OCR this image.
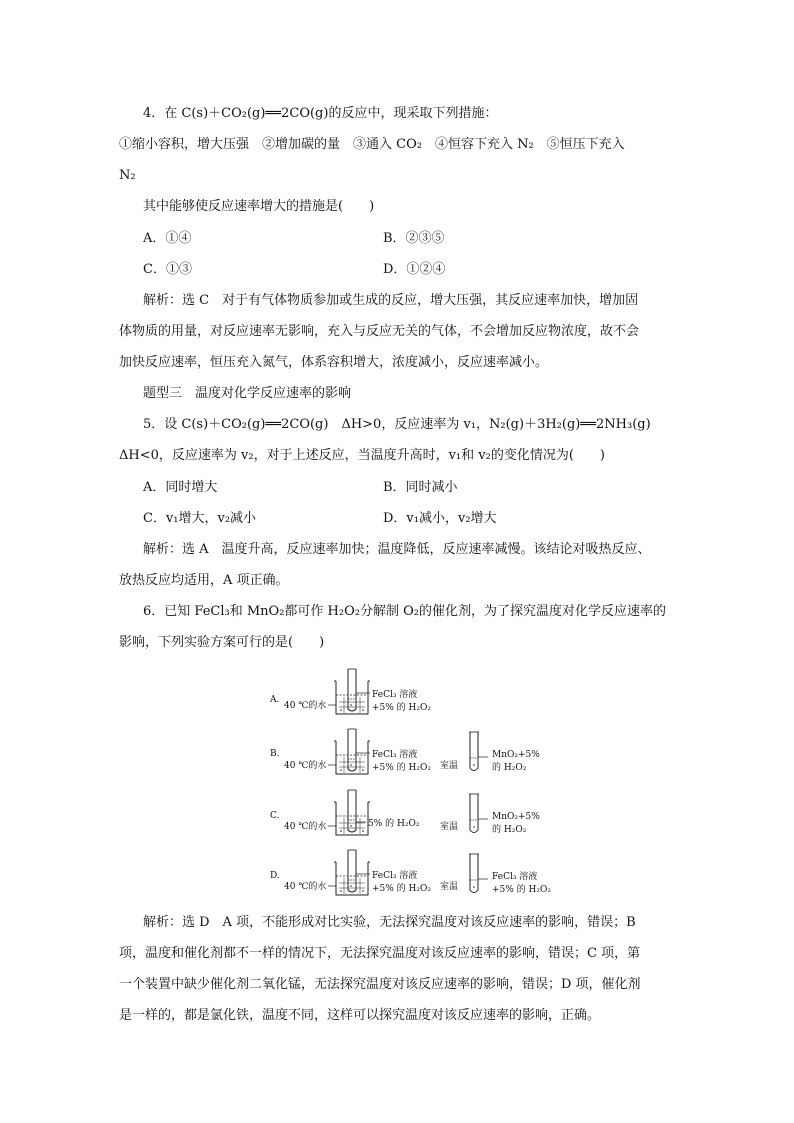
4．在 C(s)＋CO₂(g)══2CO(g)的反应中，现采取下列措施：
①缩小容积，增大压强　②增加碳的量　③通入 CO₂　④恒容下充入 N₂　⑤恒压下充入
N₂
其中能够使反应速率增大的措施是(　　)
A．①④	B．②③⑤
C．①③	D．①②④
解析：选 C　对于有气体物质参加或生成的反应，增大压强，其反应速率加快，增加固
体物质的用量，对反应速率无影响，充入与反应无关的气体，不会增加反应物浓度，故不会
加快反应速率，恒压充入氮气，体系容积增大，浓度减小，反应速率减小。
题型三　温度对化学反应速率的影响
5．设 C(s)＋CO₂(g)══2CO(g)　ΔH>0，反应速率为 v₁，N₂(g)＋3H₂(g)══2NH₃(g)
ΔH<0，反应速率为 v₂，对于上述反应，当温度升高时，v₁和 v₂的变化情况为(　　)
A．同时增大	B．同时减小
C．v₁增大，v₂减小	D．v₁减小，v₂增大
解析：选 A　温度升高，反应速率加快；温度降低，反应速率减慢。该结论对吸热反应、
放热反应均适用，A 项正确。
6．已知 FeCl₃和 MnO₂都可作 H₂O₂分解制 O₂的催化剂，为了探究温度对化学反应速率的
影响，下列实验方案可行的是(　　)
A.
40 ℃的水
FeCl₃ 溶液
+5% 的 H₂O₂
B.
40 ℃的水
FeCl₃ 溶液
+5% 的 H₂O₂ 室温
MnO₂+5%
的 H₂O₂
C.
40 ℃的水	5% 的 H₂O₂ 室温
MnO₂+5%
的 H₂O₂
D.
40 ℃的水
FeCl₃ 溶液
+5% 的 H₂O₂ 室温
FeCl₃ 溶液
+5% 的 H₂O₂
解析：选 D　A 项，不能形成对比实验，无法探究温度对该反应速率的影响，错误；B
项，温度和催化剂都不一样的情况下，无法探究温度对该反应速率的影响，错误；C 项，第
一个装置中缺少催化剂二氧化锰，无法探究温度对该反应速率的影响，错误；D 项，催化剂
是一样的，都是氯化铁，温度不同，这样可以探究温度对该反应速率的影响，正确。
